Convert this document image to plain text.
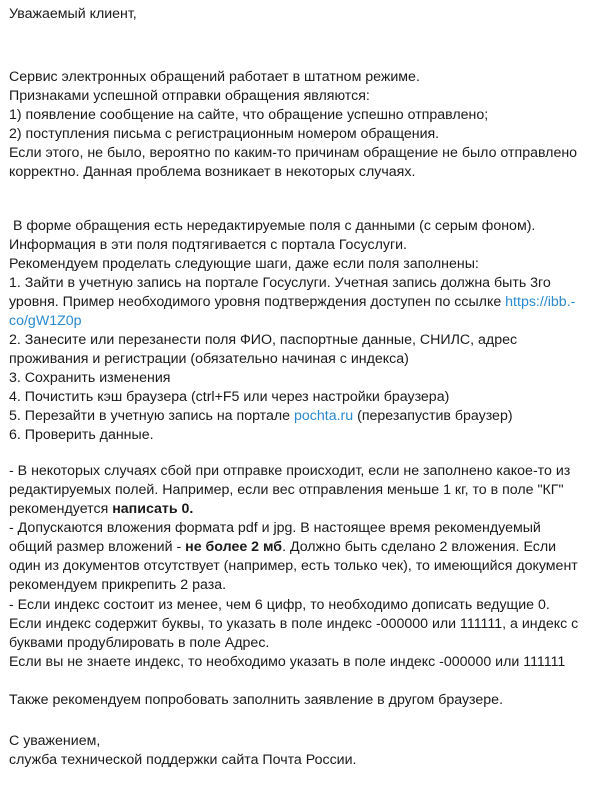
Уважаемый клиент,
Сервис электронных обращений работает в штатном режиме.
Признаками успешной отправки обращения являются:
1) появление сообщение на сайте, что обращение успешно отправлено;
2) поступления письма с регистрационным номером обращения.
Если этого, не было, вероятно по каким-то причинам обращение не было отправлено
корректно. Данная проблема возникает в некоторых случаях.
В форме обращения есть нередактируемые поля с данными (с серым фоном).
Информация в эти поля подтягивается с портала Госуслуги.
Рекомендуем проделать следующие шаги, даже если поля заполнены:
1. Зайти в учетную запись на портале Госуслуги. Учетная запись должна быть 3го
уровня. Пример необходимого уровня подтверждения доступен по ссылке https://ibb.-
co/gW1Z0p
2. Занесите или перезанести поля ФИО, паспортные данные, СНИЛС, адрес
проживания и регистрации (обязательно начиная с индекса)
3. Сохранить изменения
4. Почистить кэш браузера (ctrl+F5 или через настройки браузера)
5. Перезайти в учетную запись на портале pochta.ru (перезапустив браузер)
6. Проверить данные.
- В некоторых случаях сбой при отправке происходит, если не заполнено какое-то из
редактируемых полей. Например, если вес отправления меньше 1 кг, то в поле "КГ"
рекомендуется написать 0.
- Допускаются вложения формата pdf и jpg. В настоящее время рекомендуемый
общий размер вложений - не более 2 мб. Должно быть сделано 2 вложения. Если
один из документов отсутствует (например, есть только чек), то имеющийся документ
рекомендуем прикрепить 2 раза.
- Если индекс состоит из менее, чем 6 цифр, то необходимо дописать ведущие 0.
Если индекс содержит буквы, то указать в поле индекс -000000 или 111111, а индекс с
буквами продублировать в поле Адрес.
Если вы не знаете индекс, то необходимо указать в поле индекс -000000 или 111111
Также рекомендуем попробовать заполнить заявление в другом браузере.
С уважением,
служба технической поддержки сайта Почта России.
